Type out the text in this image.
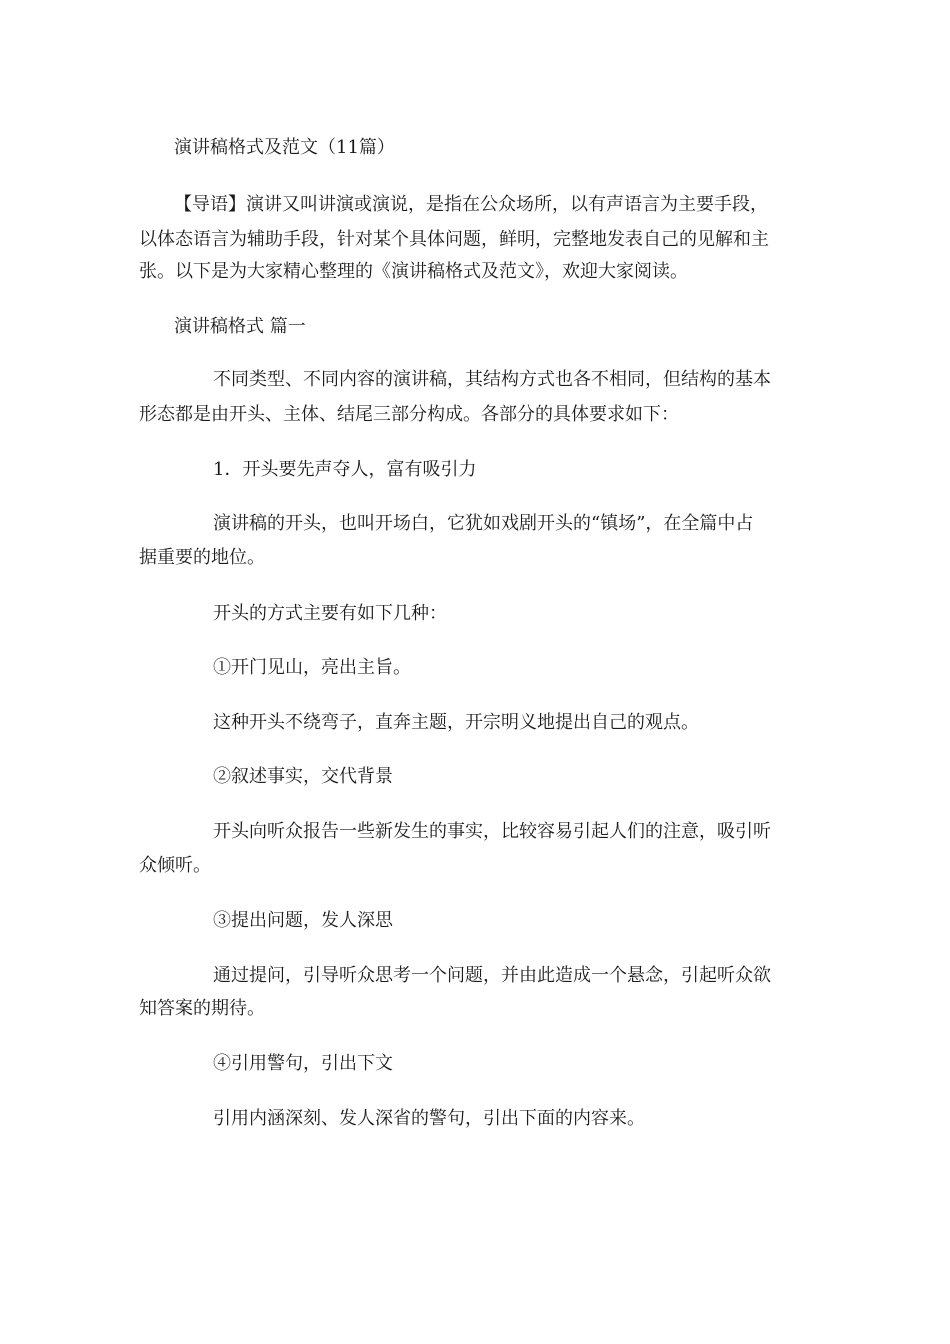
演讲稿格式及范文（11篇）
【导语】演讲又叫讲演或演说，是指在公众场所，以有声语言为主要手段，
以体态语言为辅助手段，针对某个具体问题，鲜明，完整地发表自己的见解和主
张。以下是为大家精心整理的《演讲稿格式及范文》，欢迎大家阅读。
演讲稿格式 篇一
不同类型、不同内容的演讲稿，其结构方式也各不相同，但结构的基本
形态都是由开头、主体、结尾三部分构成。各部分的具体要求如下：
1．开头要先声夺人，富有吸引力
演讲稿的开头，也叫开场白，它犹如戏剧开头的“镇场”，在全篇中占
据重要的地位。
开头的方式主要有如下几种：
①开门见山，亮出主旨。
这种开头不绕弯子，直奔主题，开宗明义地提出自己的观点。
②叙述事实，交代背景
开头向听众报告一些新发生的事实，比较容易引起人们的注意，吸引听
众倾听。
③提出问题，发人深思
通过提问，引导听众思考一个问题，并由此造成一个悬念，引起听众欲
知答案的期待。
④引用警句，引出下文
引用内涵深刻、发人深省的警句，引出下面的内容来。
